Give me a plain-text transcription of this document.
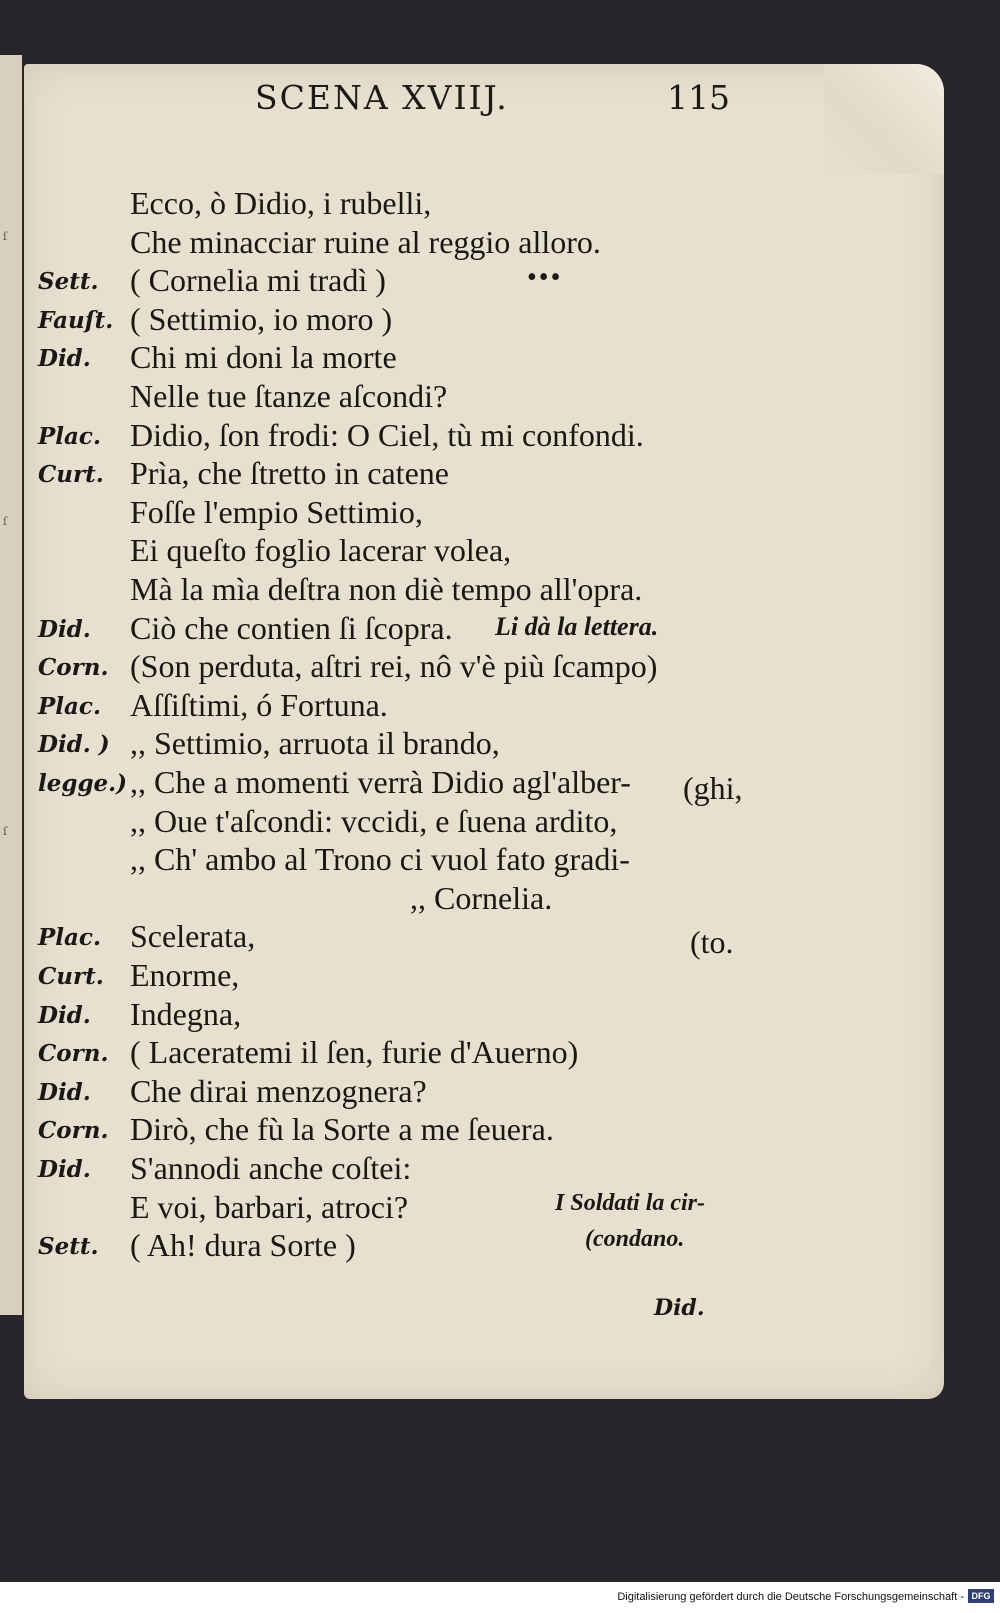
ſ
ſ
ſ
SCENA XVIIJ.	115
Ecco, ò Didio, i rubelli,
Che minacciar ruine al reggio alloro.
Sett. ( Cornelia mi tradì )
Fauſt. ( Settimio, io moro )
Did. Chi mi doni la morte
Nelle tue ſtanze aſcondi?
Plac. Didio, ſon frodi: O Ciel, tù mi confondi.
Curt. Prìa, che ſtretto in catene
Foſſe l'empio Settimio,
Ei queſto foglio lacerar volea,
Mà la mìa deſtra non diè tempo all'opra.
Did. Ciò che contien ſi ſcopra.
Corn. (Son perduta, aſtri rei, nô v'è più ſcampo)
Plac. Aſſiſtimi, ó Fortuna.
Did. ) ,, Settimio, arruota il brando,
legge.) ,, Che a momenti verrà Didio agl'alber-
,, Oue t'aſcondi: vccidi, e ſuena ardito,
,, Ch' ambo al Trono ci vuol fato gradi-
,, Cornelia.
Plac. Scelerata,
Curt. Enorme,
Did. Indegna,
Corn. ( Laceratemi il ſen, furie d'Auerno)
Did. Che dirai menzognera?
Corn. Dirò, che fù la Sorte a me ſeuera.
Did. S'annodi anche coſtei:
E voi, barbari, atroci?
Sett. ( Ah! dura Sorte )
•••
Li dà la lettera.
(ghi,
(to.
I Soldati la cir-
(condano.
Did.
Digitalisierung gefördert durch die Deutsche Forschungsgemeinschaft - DFG
